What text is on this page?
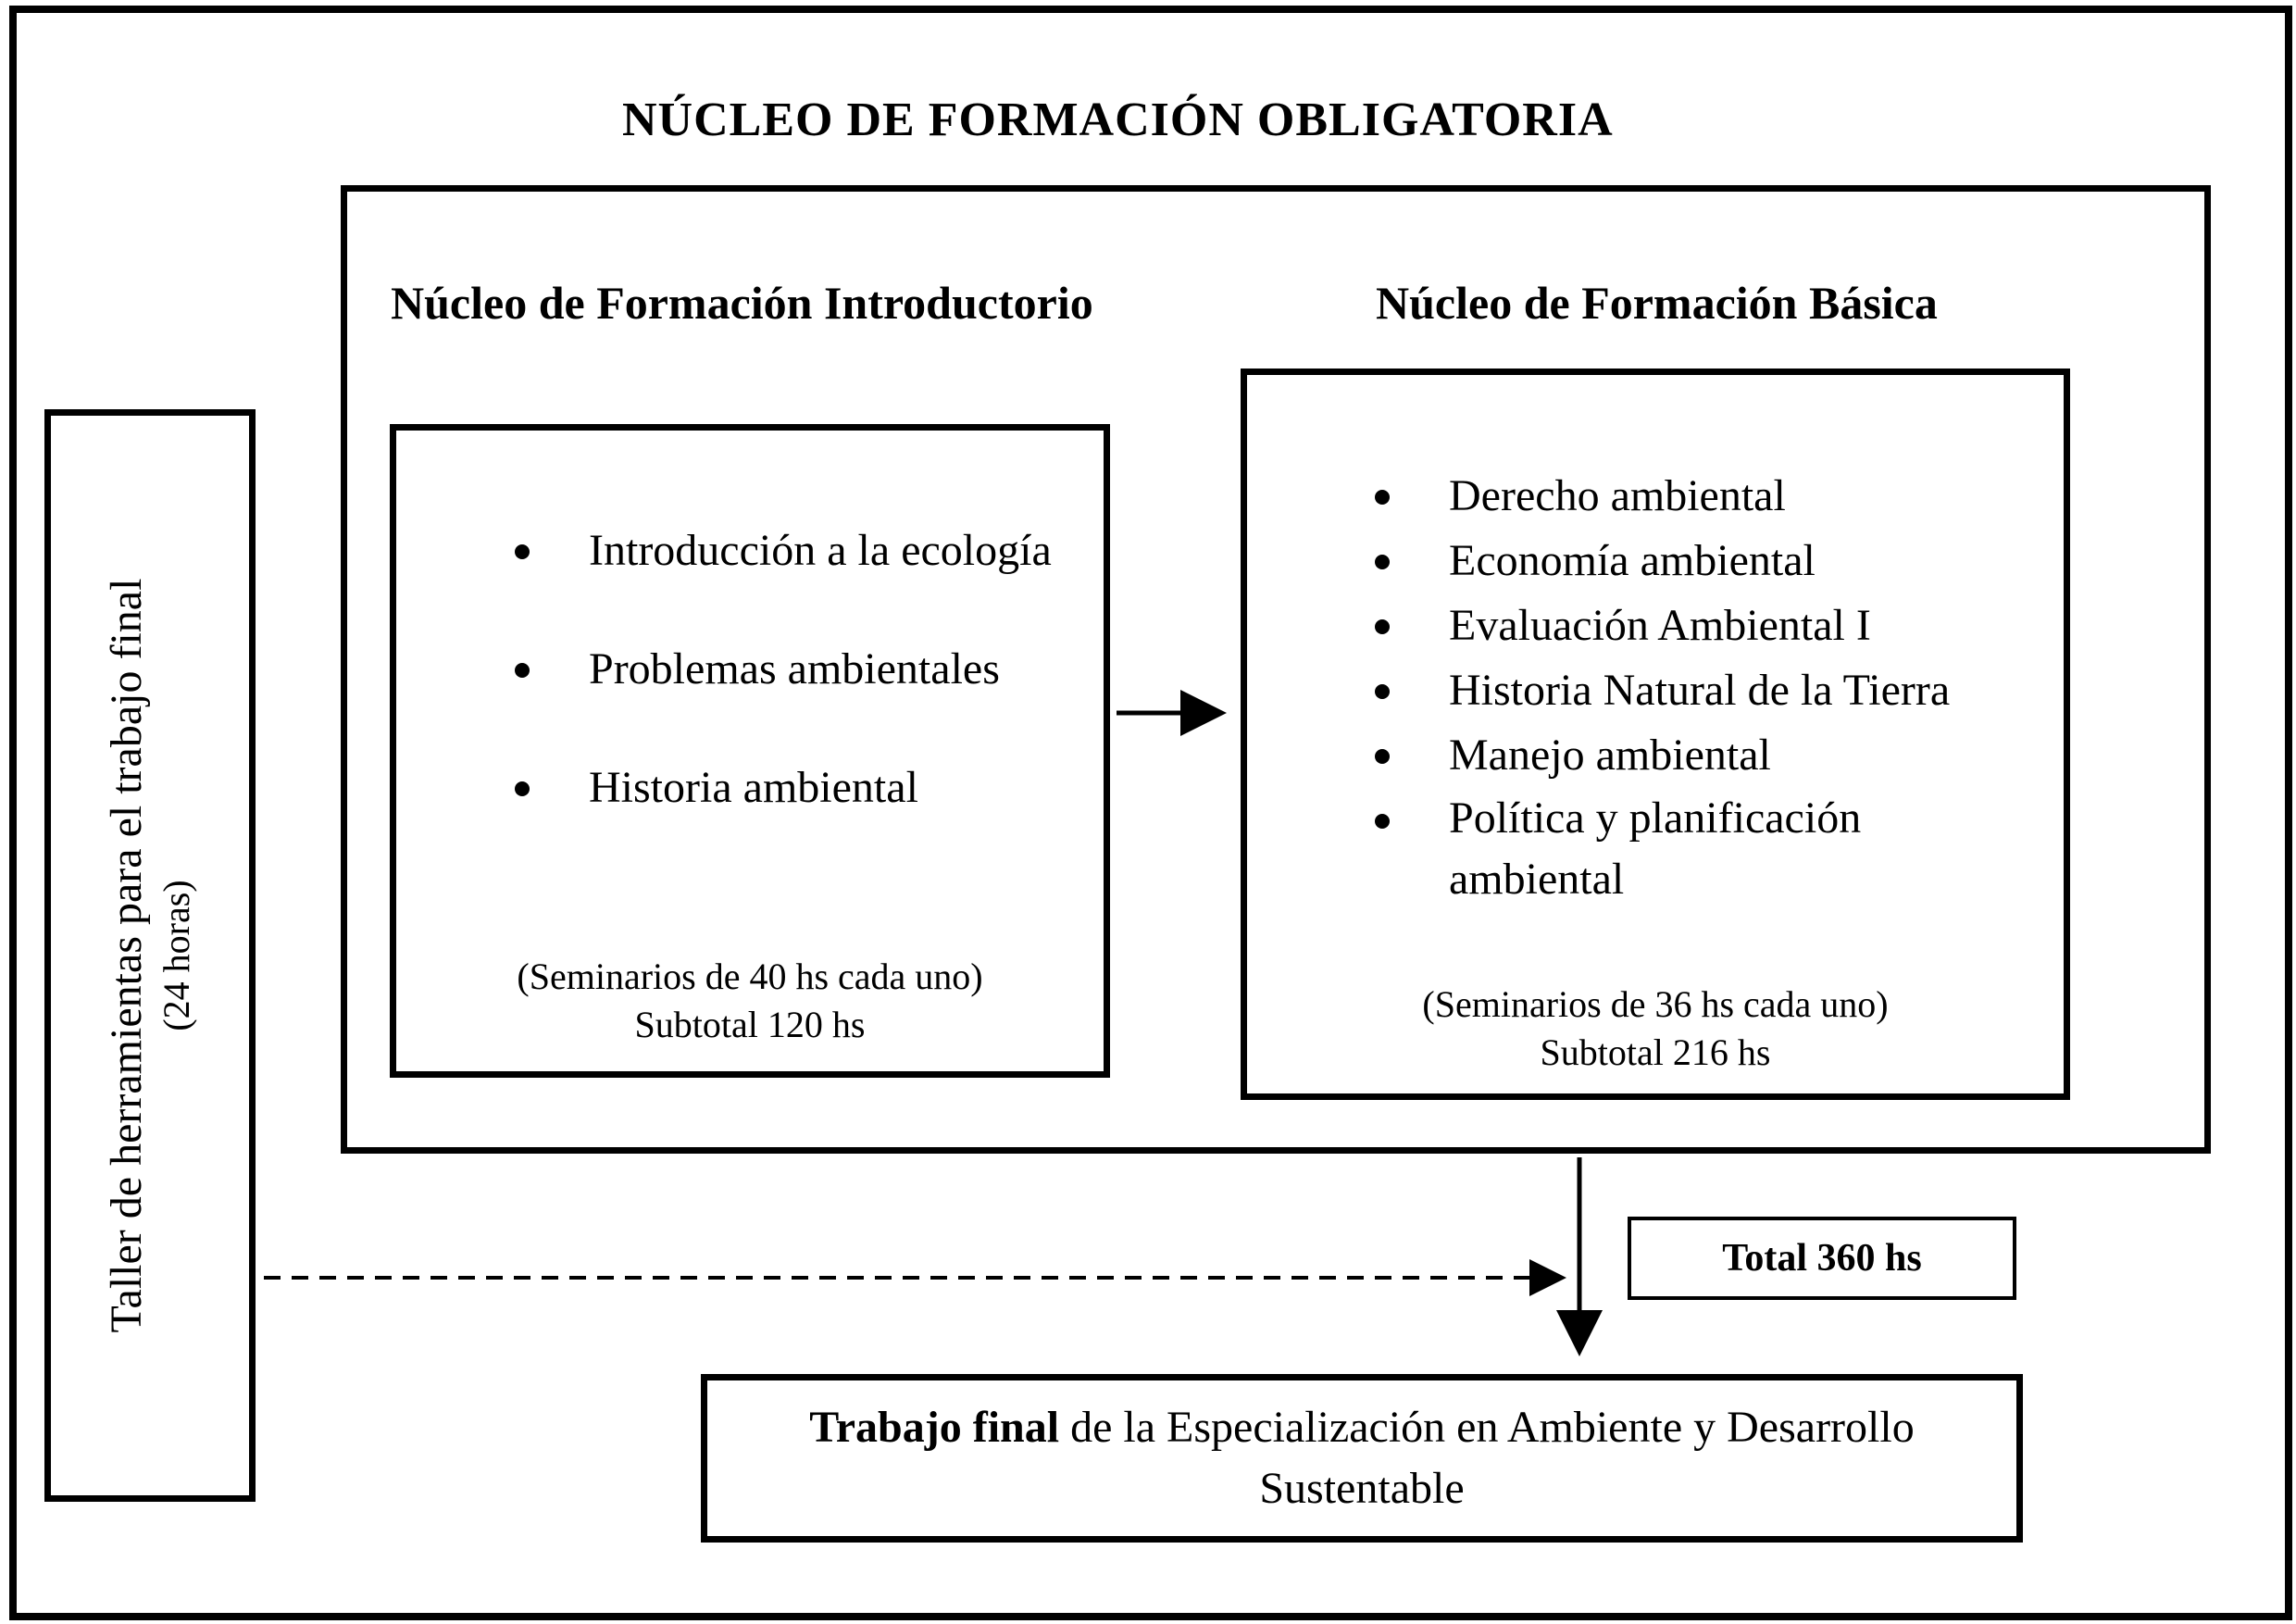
NÚCLEO DE FORMACIÓN OBLIGATORIA
Núcleo de Formación Introductorio	Núcleo de Formación Básica
Introducción a la ecología
Problemas ambientales
Historia ambiental
(Seminarios de 40 hs cada uno)
Subtotal 120 hs
Derecho ambiental
Economía ambiental
Evaluación Ambiental I
Historia Natural de la Tierra
Manejo ambiental
Política y planificación ambiental
(Seminarios de 36 hs cada uno)
Subtotal 216 hs
Taller de herramientas para el trabajo final (24 horas)
Total 360 hs
Trabajo final de la Especialización en Ambiente y Desarrollo Sustentable
